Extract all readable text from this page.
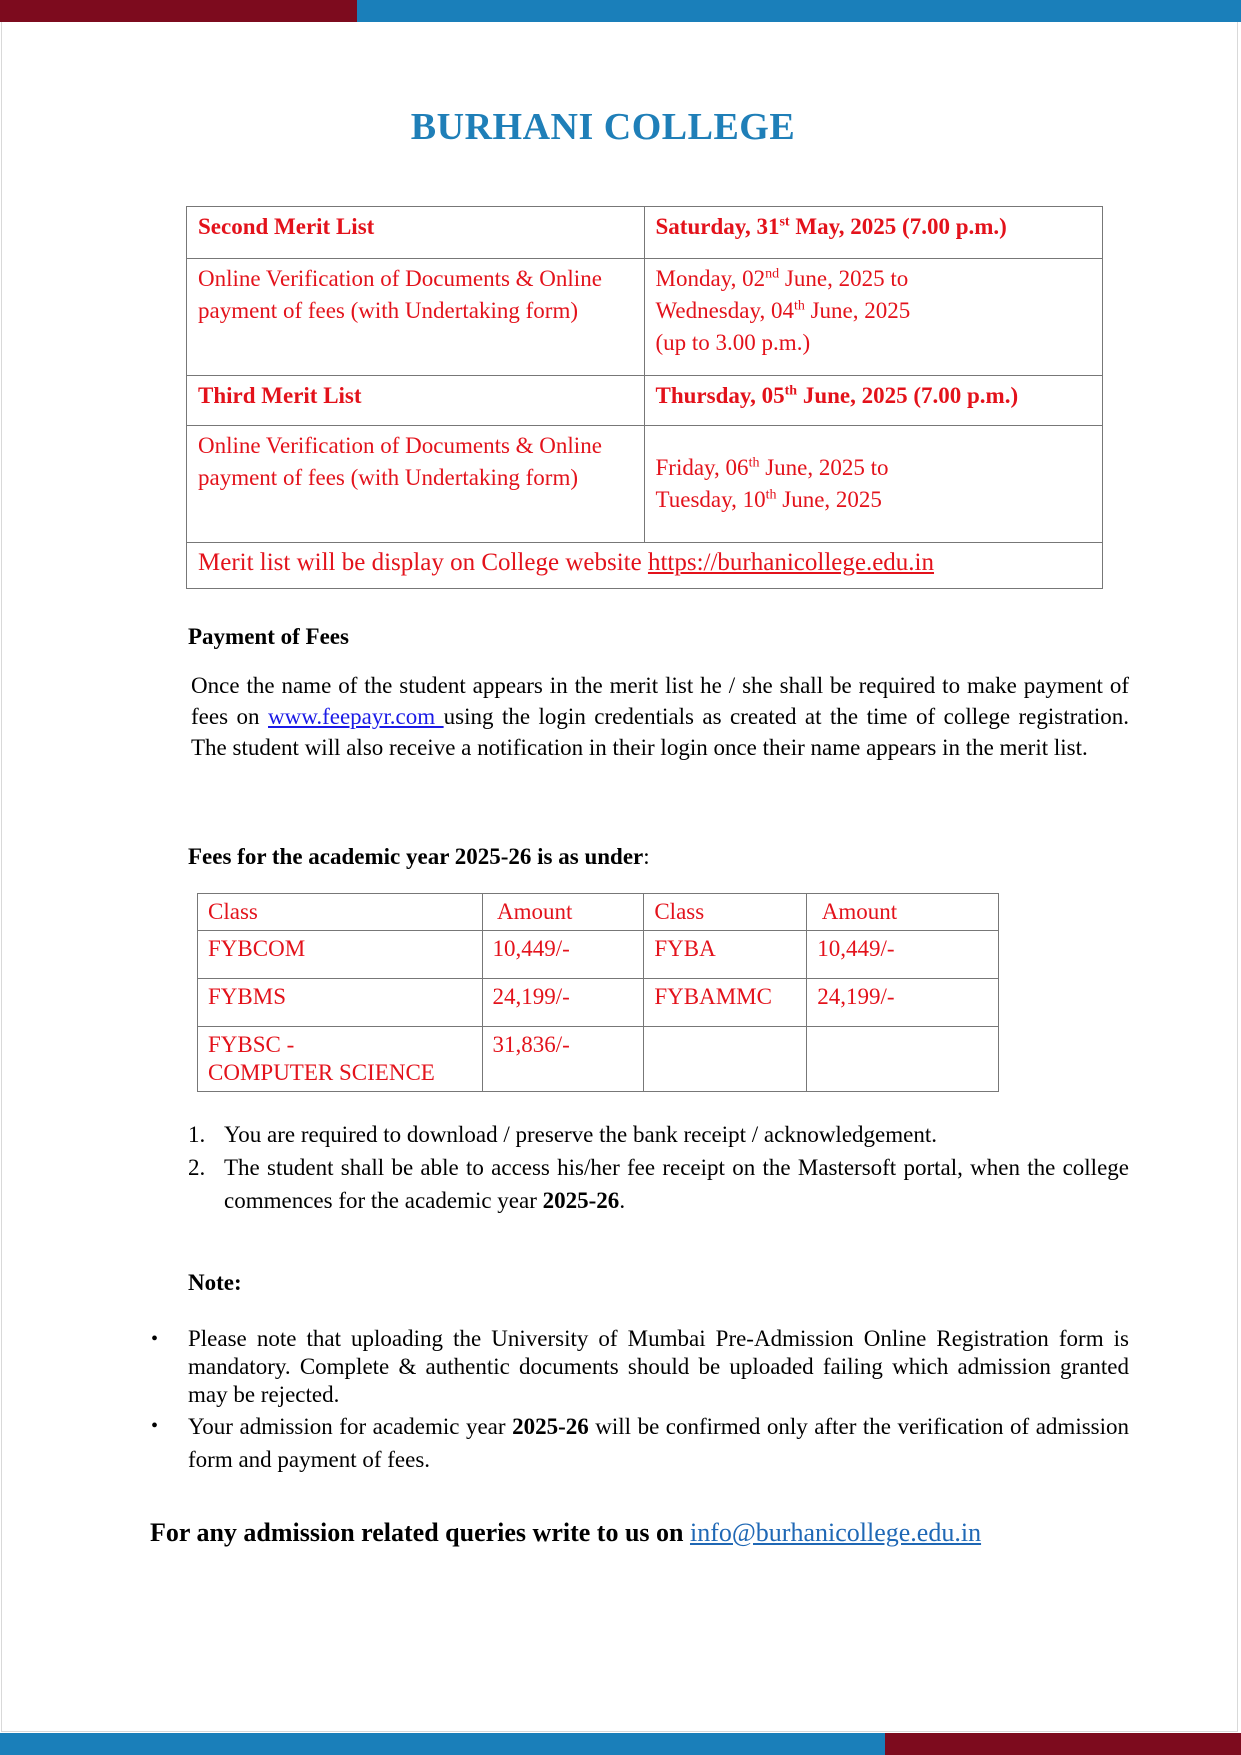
BURHANI COLLEGE
Second Merit List	Saturday, 31st May, 2025 (7.00 p.m.)
Online Verification of Documents & Online payment of fees (with Undertaking form)	Monday, 02nd June, 2025 to
Wednesday, 04th June, 2025
(up to 3.00 p.m.)

Third Merit List	Thursday, 05th June, 2025 (7.00 p.m.)
Online Verification of Documents & Online payment of fees (with Undertaking form)	Friday, 06th June, 2025 to
Tuesday, 10th June, 2025

Merit list will be display on College website https://burhanicollege.edu.in	
Payment of Fees
Once the name of the student appears in the merit list he / she shall be required to make payment of fees on www.feepayr.com using the login credentials as created at the time of college registration. The student will also receive a notification in their login once their name appears in the merit list.
Fees for the academic year 2025-26 is as under:
Class	Amount	Class	Amount
FYBCOM	10,449/-	FYBA	10,449/-
FYBMS	24,199/-	FYBAMMC	24,199/-

FYBSC -
COMPUTER SCIENCE	31,836/-		
1. You are required to download / preserve the bank receipt / acknowledgement.
2. The student shall be able to access his/her fee receipt on the Mastersoft portal, when the college commences for the academic year 2025-26.
Note:
•	Please note that uploading the University of Mumbai Pre-Admission Online Registration form is mandatory. Complete & authentic documents should be uploaded failing which admission granted may be rejected.
•	Your admission for academic year 2025-26 will be confirmed only after the verification of admission form and payment of fees.
For any admission related queries write to us on info@burhanicollege.edu.in
